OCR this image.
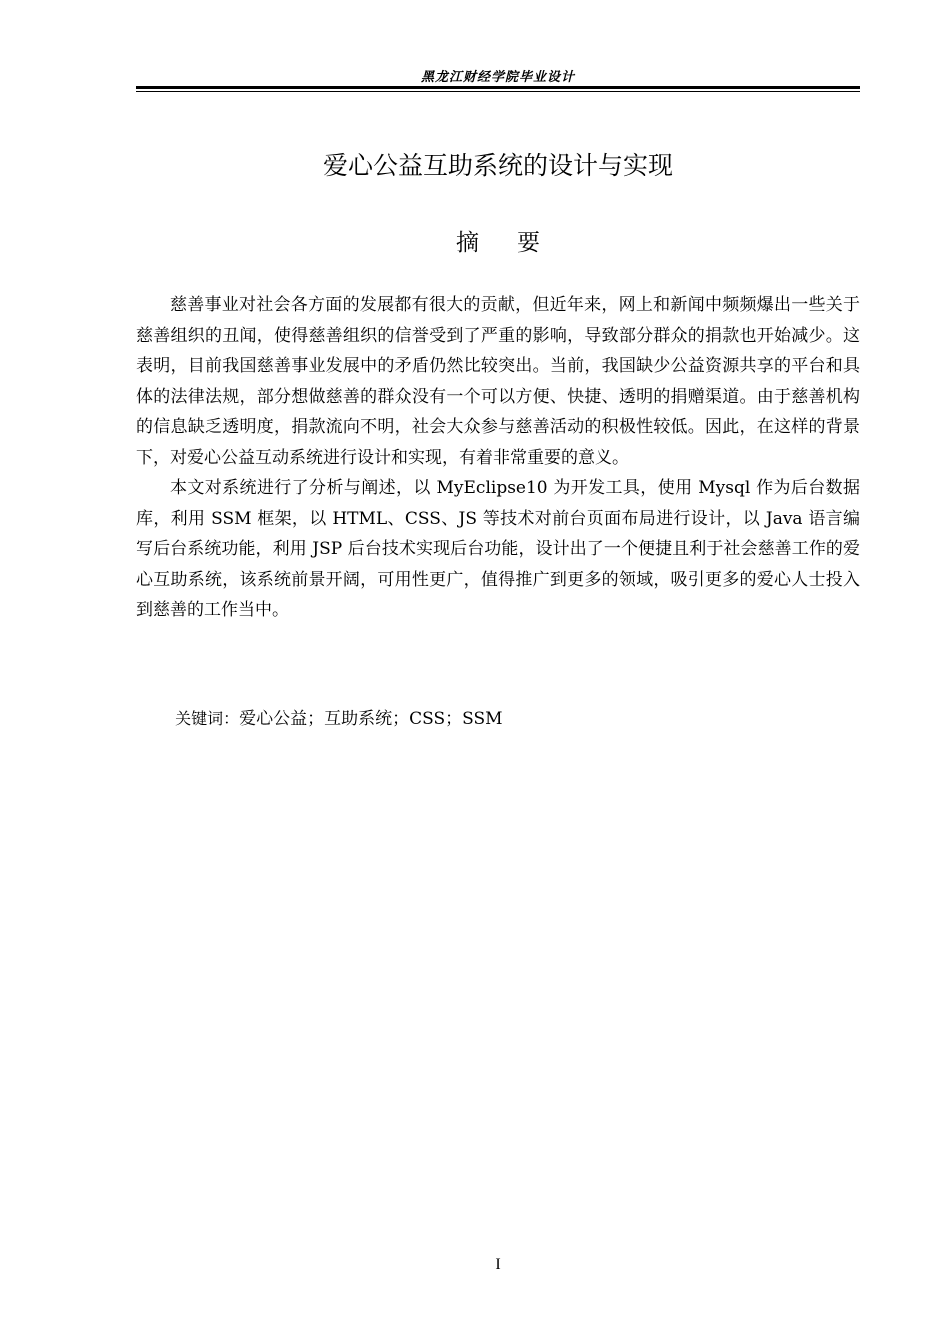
黑龙江财经学院毕业设计
爱心公益互助系统的设计与实现
摘要

慈善事业对社会各方面的发展都有很大的贡献，但近年来，网上和新闻中频频爆出一些关于慈善组织的丑闻，使得慈善组织的信誉受到了严重的影响，导致部分群众的捐款也开始减少。这表明，目前我国慈善事业发展中的矛盾仍然比较突出。当前，我国缺少公益资源共享的平台和具体的法律法规，部分想做慈善的群众没有一个可以方便、快捷、透明的捐赠渠道。由于慈善机构的信息缺乏透明度，捐款流向不明，社会大众参与慈善活动的积极性较低。因此，在这样的背景下，对爱心公益互动系统进行设计和实现，有着非常重要的意义。

本文对系统进行了分析与阐述，以 MyEclipse10 为开发工具，使用 Mysql 作为后台数据库，利用 SSM 框架，以 HTML、CSS、JS 等技术对前台页面布局进行设计，以 Java 语言编写后台系统功能，利用 JSP 后台技术实现后台功能，设计出了一个便捷且利于社会慈善工作的爱心互助系统，该系统前景开阔，可用性更广，值得推广到更多的领域，吸引更多的爱心人士投入到慈善的工作当中。

关键词：爱心公益；互助系统；CSS；SSM
I
